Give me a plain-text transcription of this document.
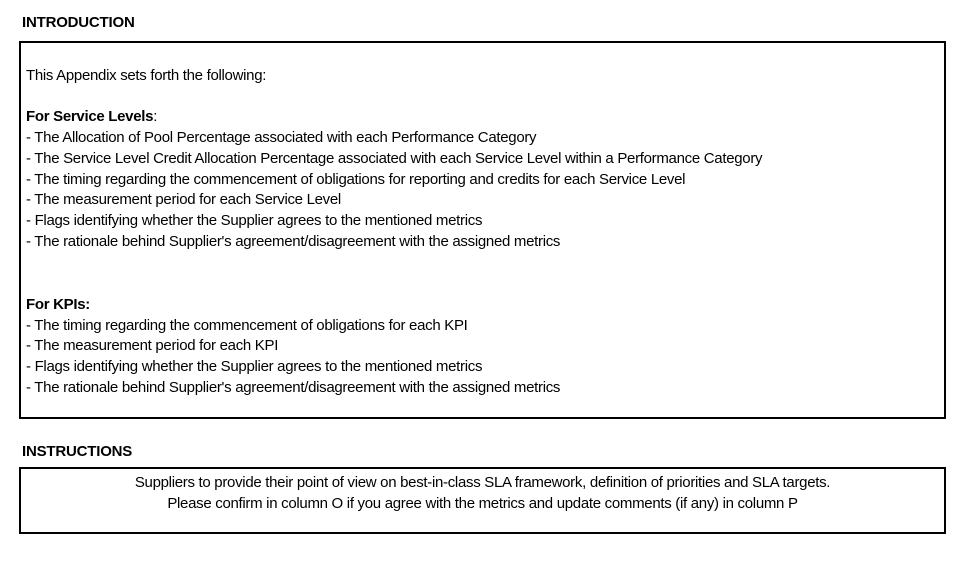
INTRODUCTION

This Appendix sets forth the following:

For Service Levels:

- The Allocation of Pool Percentage associated with each Performance Category

- The Service Level Credit Allocation Percentage associated with each Service Level within a Performance Category

- The timing regarding the commencement of obligations for reporting and credits for each Service Level

- The measurement period for each Service Level

- Flags identifying whether the Supplier agrees to the mentioned metrics

- The rationale behind Supplier's agreement/disagreement with the assigned metrics

For KPIs:

- The timing regarding the commencement of obligations for each KPI

- The measurement period for each KPI

- Flags identifying whether the Supplier agrees to the mentioned metrics

- The rationale behind Supplier's agreement/disagreement with the assigned metrics

INSTRUCTIONS

Suppliers to provide their point of view on best-in-class SLA framework, definition of priorities and SLA targets.

Please confirm in column O if you agree with the metrics and update comments (if any) in column P
